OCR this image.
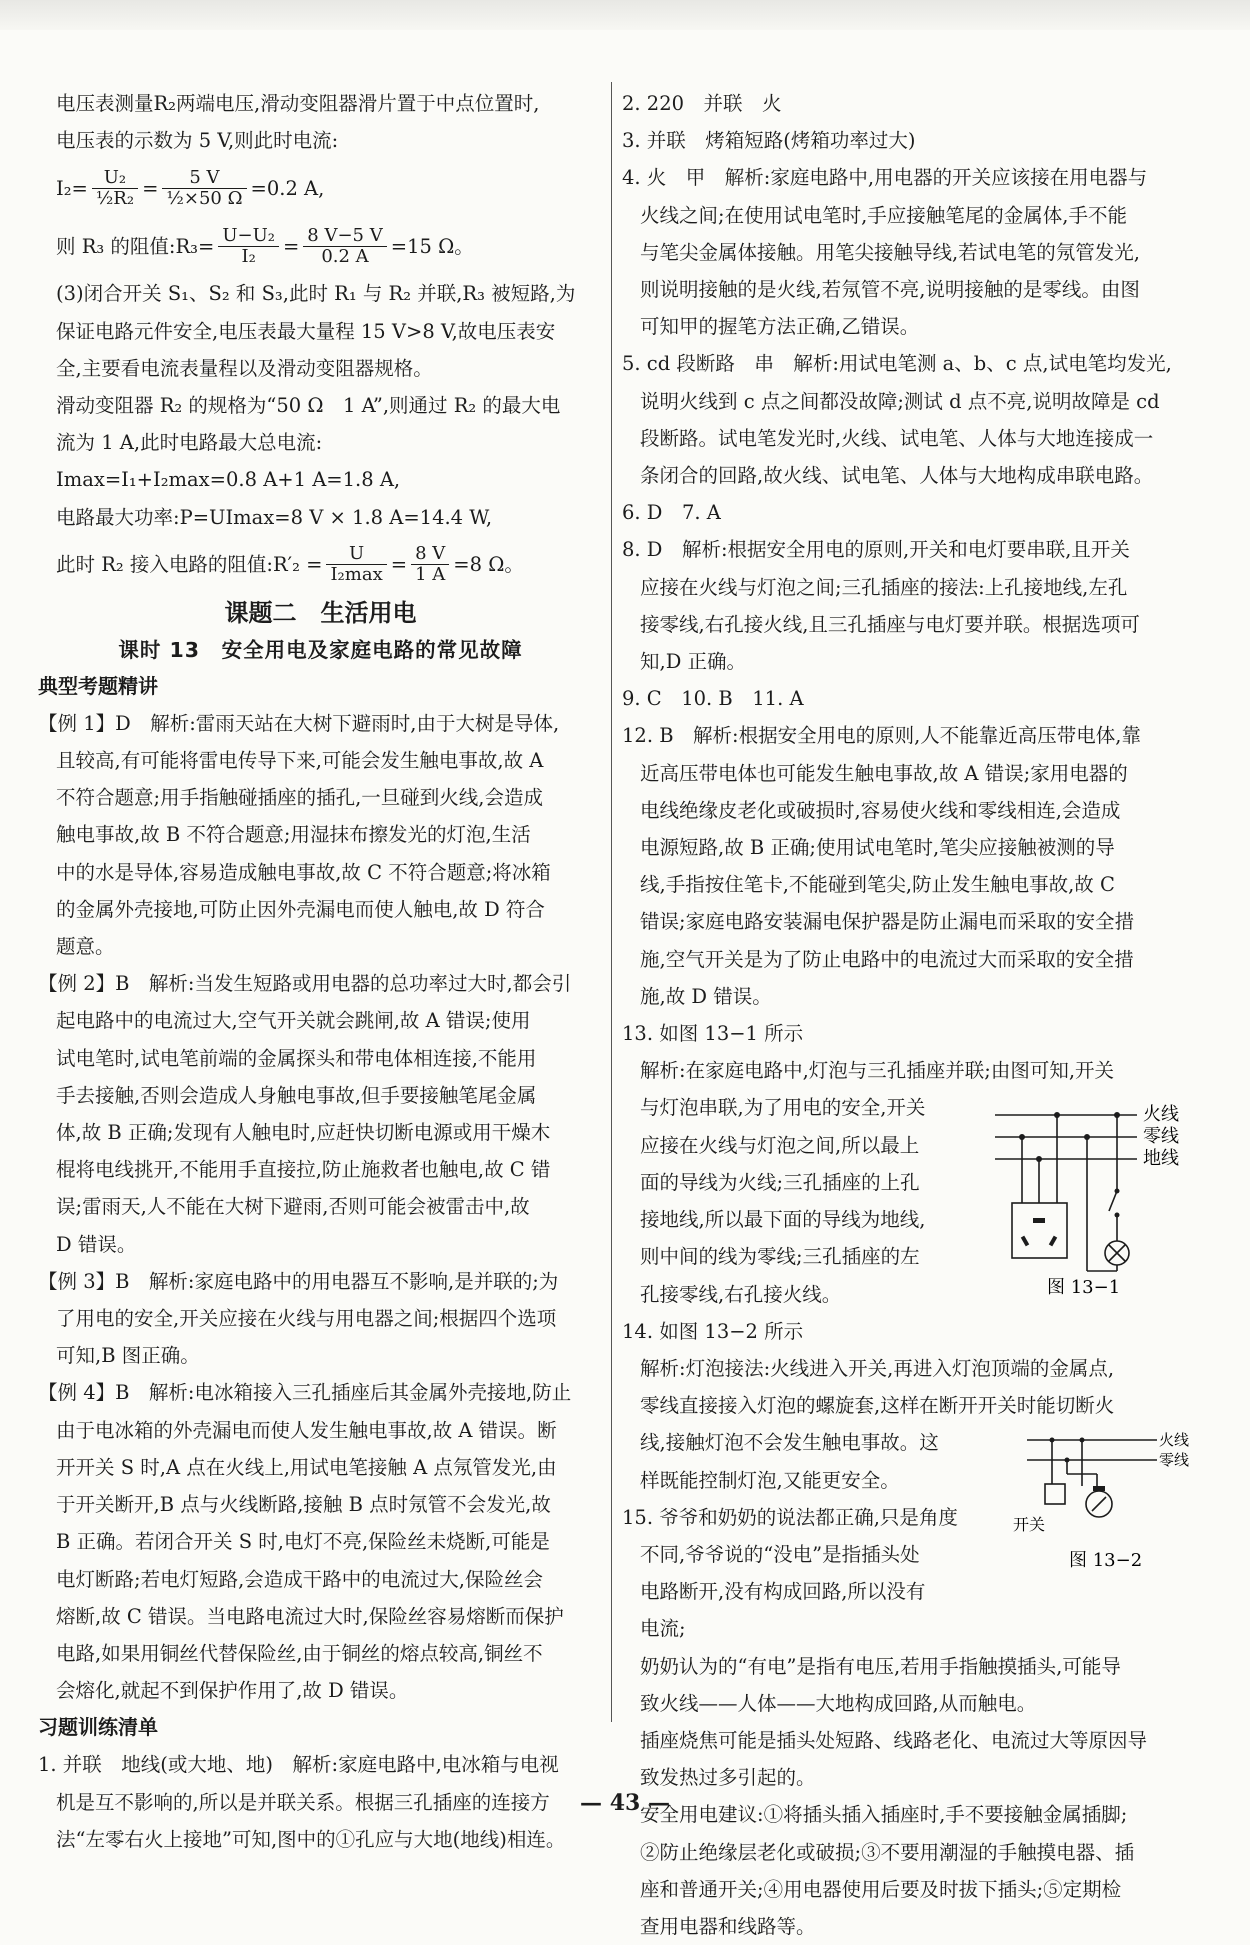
电压表测量R₂两端电压,滑动变阻器滑片置于中点位置时,
电压表的示数为 5 V,则此时电流:
$I_2= \frac{\text{U₂}}{\text{½R₂}} = \frac{5 V}{\text{½×50 Ω}} =0.2$ A,
则 R₃ 的阻值:R₃= $\frac{\text{U−U₂}}{\text{I₂}} = \frac{8 V-5 V}{0.2 A} =15$ Ω。
(3)闭合开关 S₁、S₂ 和 S₃,此时 R₁ 与 R₂ 并联,R₃ 被短路,为
保证电路元件安全,电压表最大量程 15 V>8 V,故电压表安
全,主要看电流表量程以及滑动变阻器规格。
滑动变阻器 R₂ 的规格为“50 Ω　1 A”,则通过 R₂ 的最大电
流为 1 A,此时电路最大总电流:
Imax=I₁+I₂max=0.8 A+1 A=1.8 A,
电路最大功率:P=UImax=8 V × 1.8 A=14.4 W,
此时 R₂ 接入电路的阻值:R′₂ = $\frac{U}{\text{I₂max}} = \frac{8 V}{1 A} =8$ Ω。
课题二　生活用电
课时 13　安全用电及家庭电路的常见故障
典型考题精讲
【例 1】D　解析:雷雨天站在大树下避雨时,由于大树是导体,
且较高,有可能将雷电传导下来,可能会发生触电事故,故 A
不符合题意;用手指触碰插座的插孔,一旦碰到火线,会造成
触电事故,故 B 不符合题意;用湿抹布擦发光的灯泡,生活
中的水是导体,容易造成触电事故,故 C 不符合题意;将冰箱
的金属外壳接地,可防止因外壳漏电而使人触电,故 D 符合
题意。
【例 2】B　解析:当发生短路或用电器的总功率过大时,都会引
起电路中的电流过大,空气开关就会跳闸,故 A 错误;使用
试电笔时,试电笔前端的金属探头和带电体相连接,不能用
手去接触,否则会造成人身触电事故,但手要接触笔尾金属
体,故 B 正确;发现有人触电时,应赶快切断电源或用干燥木
棍将电线挑开,不能用手直接拉,防止施救者也触电,故 C 错
误;雷雨天,人不能在大树下避雨,否则可能会被雷击中,故
D 错误。
【例 3】B　解析:家庭电路中的用电器互不影响,是并联的;为
了用电的安全,开关应接在火线与用电器之间;根据四个选项
可知,B 图正确。
【例 4】B　解析:电冰箱接入三孔插座后其金属外壳接地,防止
由于电冰箱的外壳漏电而使人发生触电事故,故 A 错误。断
开开关 S 时,A 点在火线上,用试电笔接触 A 点氖管发光,由
于开关断开,B 点与火线断路,接触 B 点时氖管不会发光,故
B 正确。若闭合开关 S 时,电灯不亮,保险丝未烧断,可能是
电灯断路;若电灯短路,会造成干路中的电流过大,保险丝会
熔断,故 C 错误。当电路电流过大时,保险丝容易熔断而保护
电路,如果用铜丝代替保险丝,由于铜丝的熔点较高,铜丝不
会熔化,就起不到保护作用了,故 D 错误。
习题训练清单
1. 并联　地线(或大地、地)　解析:家庭电路中,电冰箱与电视
机是互不影响的,所以是并联关系。根据三孔插座的连接方
法“左零右火上接地”可知,图中的①孔应与大地(地线)相连。
2. 220　并联　火
3. 并联　烤箱短路(烤箱功率过大)
4. 火　甲　解析:家庭电路中,用电器的开关应该接在用电器与
火线之间;在使用试电笔时,手应接触笔尾的金属体,手不能
与笔尖金属体接触。用笔尖接触导线,若试电笔的氖管发光,
则说明接触的是火线,若氖管不亮,说明接触的是零线。由图
可知甲的握笔方法正确,乙错误。
5. cd 段断路　串　解析:用试电笔测 a、b、c 点,试电笔均发光,
说明火线到 c 点之间都没故障;测试 d 点不亮,说明故障是 cd
段断路。试电笔发光时,火线、试电笔、人体与大地连接成一
条闭合的回路,故火线、试电笔、人体与大地构成串联电路。
6. D　7. A
8. D　解析:根据安全用电的原则,开关和电灯要串联,且开关
应接在火线与灯泡之间;三孔插座的接法:上孔接地线,左孔
接零线,右孔接火线,且三孔插座与电灯要并联。根据选项可
知,D 正确。
9. C　10. B　11. A
12. B　解析:根据安全用电的原则,人不能靠近高压带电体,靠
近高压带电体也可能发生触电事故,故 A 错误;家用电器的
电线绝缘皮老化或破损时,容易使火线和零线相连,会造成
电源短路,故 B 正确;使用试电笔时,笔尖应接触被测的导
线,手指按住笔卡,不能碰到笔尖,防止发生触电事故,故 C
错误;家庭电路安装漏电保护器是防止漏电而采取的安全措
施,空气开关是为了防止电路中的电流过大而采取的安全措
施,故 D 错误。
13. 如图 13−1 所示
解析:在家庭电路中,灯泡与三孔插座并联;由图可知,开关
火线
零线
地线
图 13−1
与灯泡串联,为了用电的安全,开关
应接在火线与灯泡之间,所以最上
面的导线为火线;三孔插座的上孔
接地线,所以最下面的导线为地线,
则中间的线为零线;三孔插座的左
孔接零线,右孔接火线。
14. 如图 13−2 所示
解析:灯泡接法:火线进入开关,再进入灯泡顶端的金属点,
零线直接接入灯泡的螺旋套,这样在断开开关时能切断火
火线
零线
开关
图 13−2
线,接触灯泡不会发生触电事故。这
样既能控制灯泡,又能更安全。
15. 爷爷和奶奶的说法都正确,只是角度
不同,爷爷说的“没电”是指插头处
电路断开,没有构成回路,所以没有
电流;
奶奶认为的“有电”是指有电压,若用手指触摸插头,可能导
致火线——人体——大地构成回路,从而触电。
插座烧焦可能是插头处短路、线路老化、电流过大等原因导
致发热过多引起的。
安全用电建议:①将插头插入插座时,手不要接触金属插脚;
②防止绝缘层老化或破损;③不要用潮湿的手触摸电器、插
座和普通开关;④用电器使用后要及时拔下插头;⑤定期检
查用电器和线路等。
— 43 —
